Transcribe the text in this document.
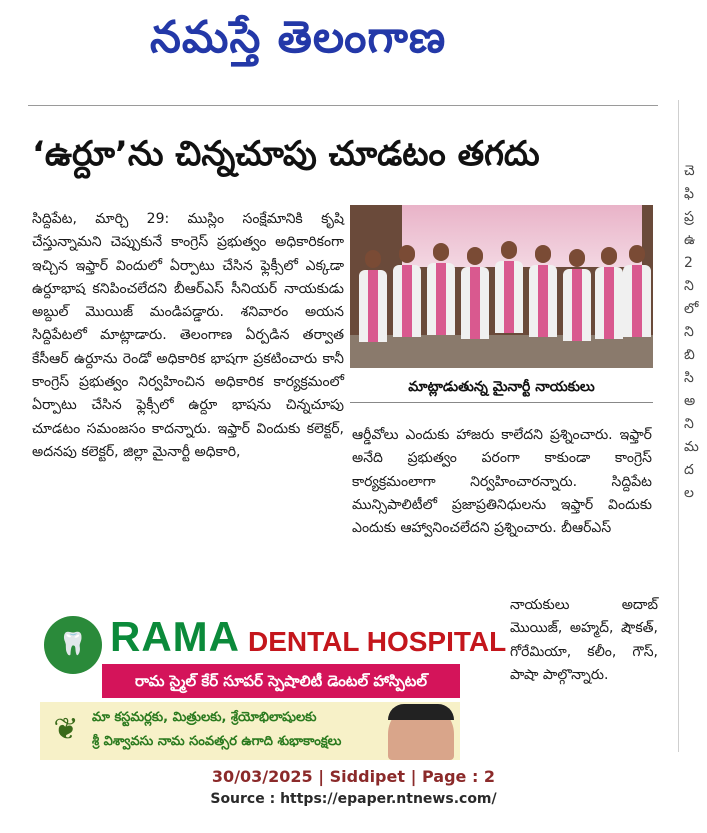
నమస్తే తెలంగాణ
‘ఉర్దూ’ను చిన్నచూపు చూడటం తగదు

సిద్దిపేట, మార్చి 29: ముస్లిం సంక్షేమానికి కృషి చేస్తున్నామని చెప్పుకునే కాంగ్రెస్ ప్రభుత్వం అధికారికంగా ఇచ్చిన ఇఫ్తార్ విందులో ఏర్పాటు చేసిన ఫ్లెక్సీలో ఎక్కడా ఉర్దూభాష కనిపించలేదని బీఆర్ఎస్ సీనియర్ నాయకుడు అబ్దుల్ మొయిజ్ మండిపడ్డారు. శనివారం అయన సిద్దిపేటలో మాట్లాడారు. తెలంగాణ ఏర్పడిన తర్వాత కేసీఆర్ ఉర్దూను రెండో అధికారిక భాషగా ప్రకటించారు కానీ కాంగ్రెస్ ప్రభుత్వం నిర్వహించిన అధికారిక కార్యక్రమంలో ఏర్పాటు చేసిన ఫ్లెక్సీలో ఉర్దూ భాషను చిన్నచూపు చూడటం సమంజసం కాదన్నారు. ఇఫ్తార్ విందుకు కలెక్టర్, అదనపు కలెక్టర్, జిల్లా మైనార్టీ అధికారి,

మాట్లాడుతున్న మైనార్టీ నాయకులు

ఆర్డీవోలు ఎందుకు హాజరు కాలేదని ప్రశ్నించారు. ఇఫ్తార్ అనేది ప్రభుత్వం పరంగా కాకుండా కాంగ్రెస్ కార్యక్రమంలాగా నిర్వహించారన్నారు. సిద్దిపేట మున్సిపాలిటీలో ప్రజాప్రతినిధులను ఇఫ్తార్ విందుకు ఎందుకు ఆహ్వానించలేదని ప్రశ్నించారు. బీఆర్ఎస్

నాయకులు అదాబ్ మొయిజ్, అహ్మద్, షౌకత్, గోరేమియా, కలీం, గౌస్, పాషా పాల్గొన్నారు.

🦷 RAMA DENTAL HOSPITAL
రామ స్మైల్ కేర్ సూపర్ స్పెషాలిటీ డెంటల్ హాస్పిటల్
❦	మా కస్టమర్లకు, మిత్రులకు, శ్రేయోభిలాషులకు
శ్రీ విశ్వావసు నామ సంవత్సర ఉగాది శుభాకాంక్షలు
చె ఫి ప్ర ఉ 2 ని లో ని బి సి అ ని మ ద ల
30/03/2025 | Siddipet | Page : 2
Source : https://epaper.ntnews.com/
